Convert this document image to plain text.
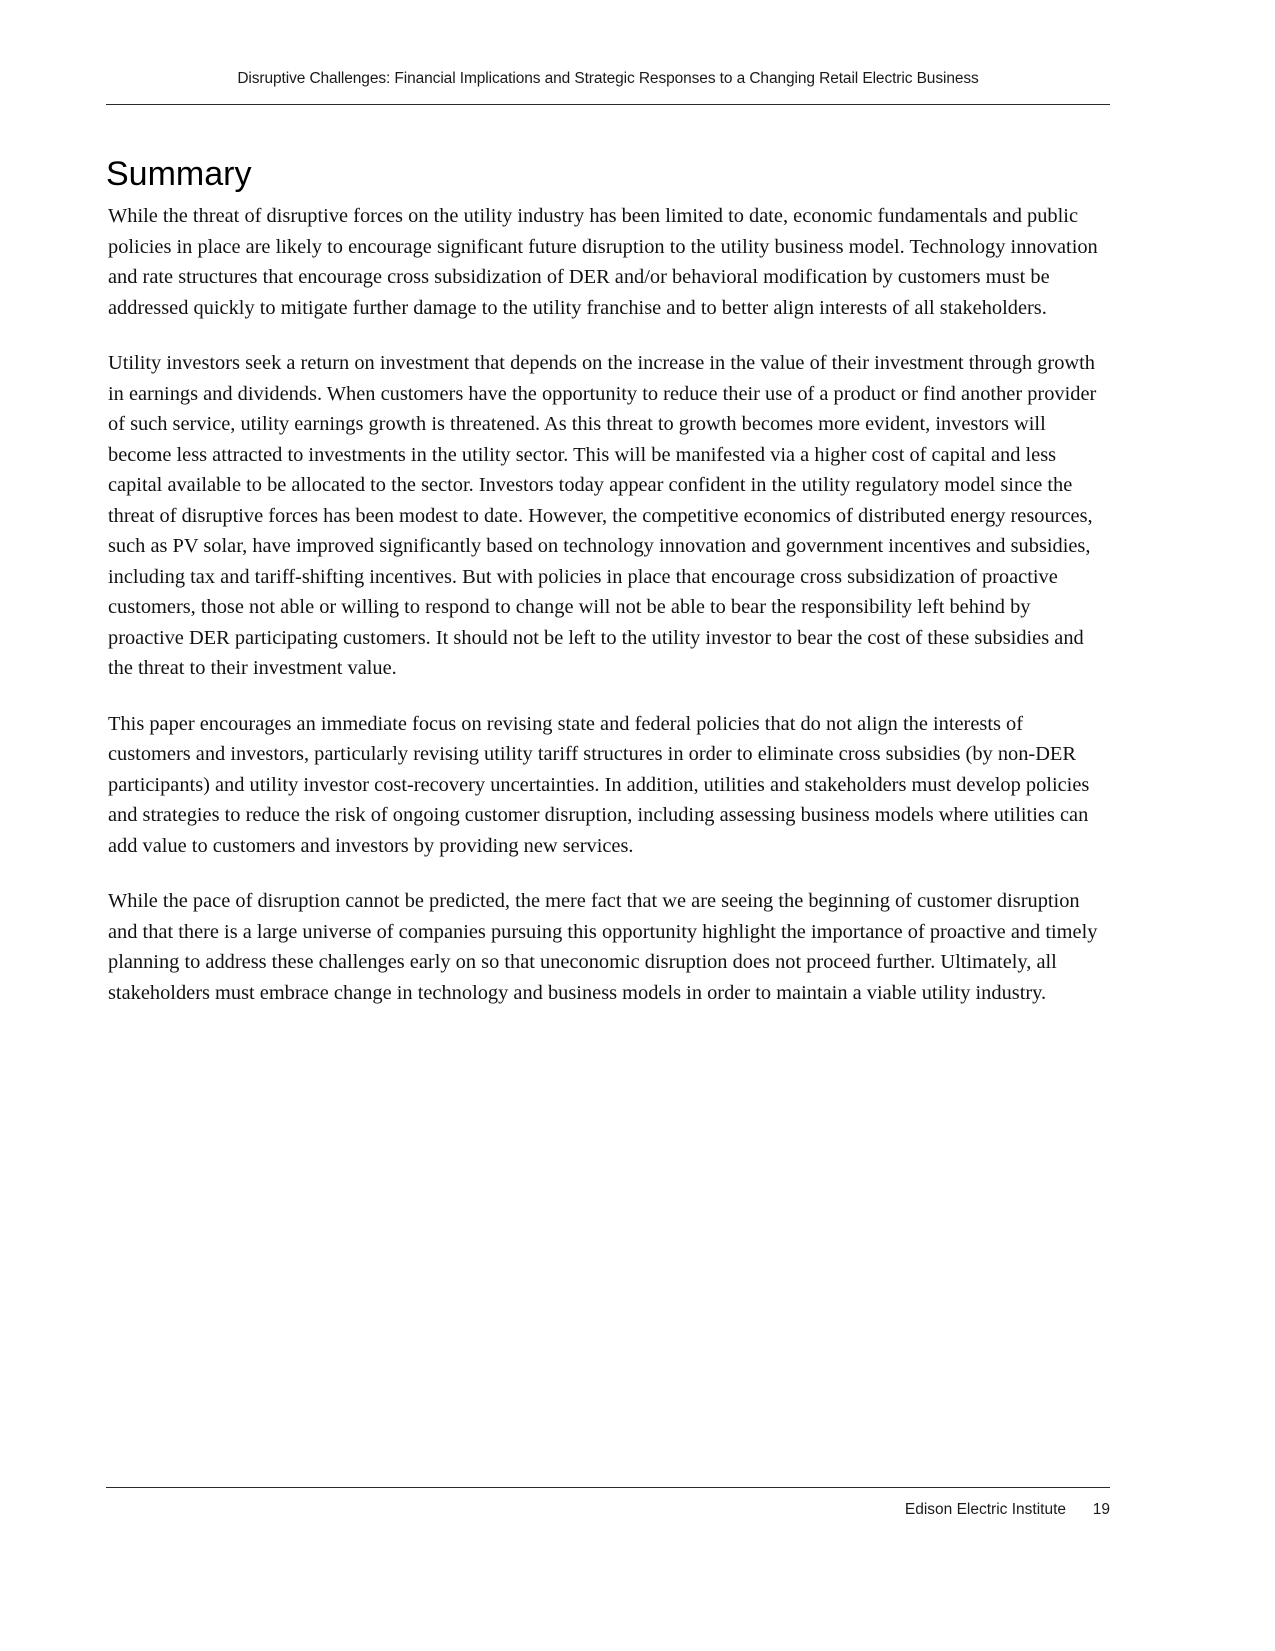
Disruptive Challenges: Financial Implications and Strategic Responses to a Changing Retail Electric Business
Summary

While the threat of disruptive forces on the utility industry has been limited to date, economic fundamentals and public policies in place are likely to encourage significant future disruption to the utility business model. Technology innovation and rate structures that encourage cross subsidization of DER and/or behavioral modification by customers must be addressed quickly to mitigate further damage to the utility franchise and to better align interests of all stakeholders.

Utility investors seek a return on investment that depends on the increase in the value of their investment through growth in earnings and dividends. When customers have the opportunity to reduce their use of a product or find another provider of such service, utility earnings growth is threatened. As this threat to growth becomes more evident, investors will become less attracted to investments in the utility sector. This will be manifested via a higher cost of capital and less capital available to be allocated to the sector. Investors today appear confident in the utility regulatory model since the threat of disruptive forces has been modest to date. However, the competitive economics of distributed energy resources, such as PV solar, have improved significantly based on technology innovation and government incentives and subsidies, including tax and tariff-shifting incentives. But with policies in place that encourage cross subsidization of proactive customers, those not able or willing to respond to change will not be able to bear the responsibility left behind by proactive DER participating customers. It should not be left to the utility investor to bear the cost of these subsidies and the threat to their investment value.

This paper encourages an immediate focus on revising state and federal policies that do not align the interests of customers and investors, particularly revising utility tariff structures in order to eliminate cross subsidies (by non-DER participants) and utility investor cost-recovery uncertainties. In addition, utilities and stakeholders must develop policies and strategies to reduce the risk of ongoing customer disruption, including assessing business models where utilities can add value to customers and investors by providing new services.

While the pace of disruption cannot be predicted, the mere fact that we are seeing the beginning of customer disruption and that there is a large universe of companies pursuing this opportunity highlight the importance of proactive and timely planning to address these challenges early on so that uneconomic disruption does not proceed further. Ultimately, all stakeholders must embrace change in technology and business models in order to maintain a viable utility industry.

Edison Electric Institute	19
